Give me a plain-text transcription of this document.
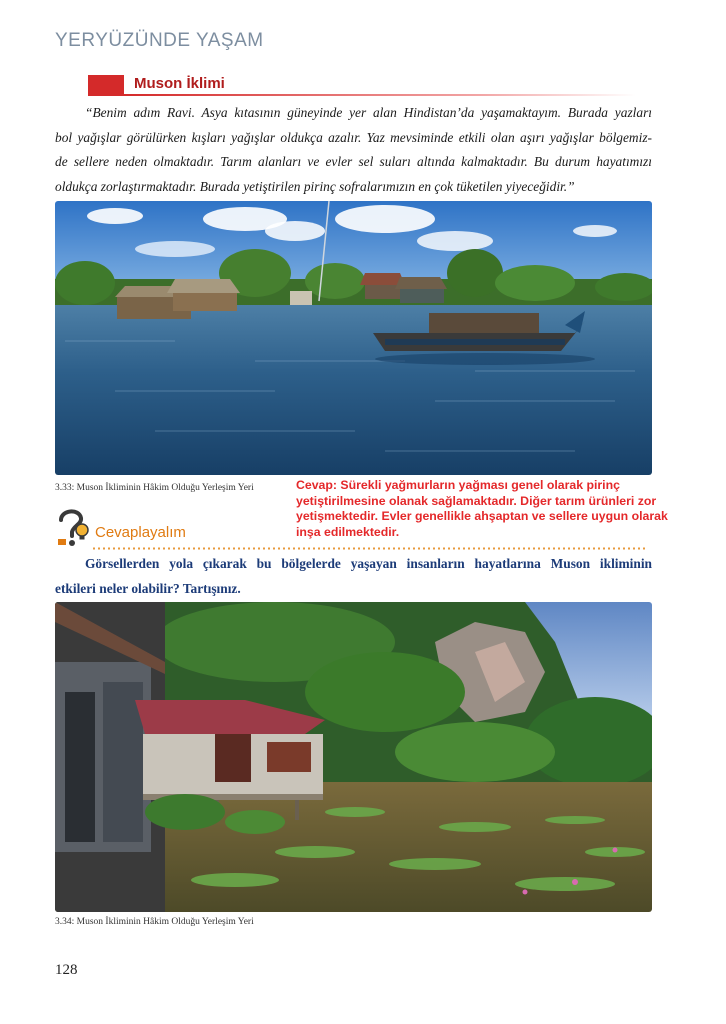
YERYÜZÜNDE YAŞAM
Muson İklimi

“Benim adım Ravi. Asya kıtasının güneyinde yer alan Hindistan’da yaşamaktayım. Burada yazları
bol yağışlar görülürken kışları yağışlar oldukça azalır. Yaz mevsiminde etkili olan aşırı yağışlar bölgemiz-
de sellere neden olmaktadır. Tarım alanları ve evler sel suları altında kalmaktadır. Bu durum hayatımızı
oldukça zorlaştırmaktadır. Burada yetiştirilen pirinç sofralarımızın en çok tüketilen yiyeceğidir.”

3.33: Muson İkliminin Hâkim Olduğu Yerleşim Yeri	Cevap: Sürekli yağmurların yağması genel olarak pirinç
yetiştirilmesine olanak sağlamaktadır. Diğer tarım ürünleri zor
yetişmektedir. Evler genellikle ahşaptan ve sellere uygun olarak
inşa edilmektedir.

Cevaplayalım

Görsellerden yola çıkarak bu bölgelerde yaşayan insanların hayatlarına Muson ikliminin
etkileri neler olabilir? Tartışınız.

3.34: Muson İkliminin Hâkim Olduğu Yerleşim Yeri
128
